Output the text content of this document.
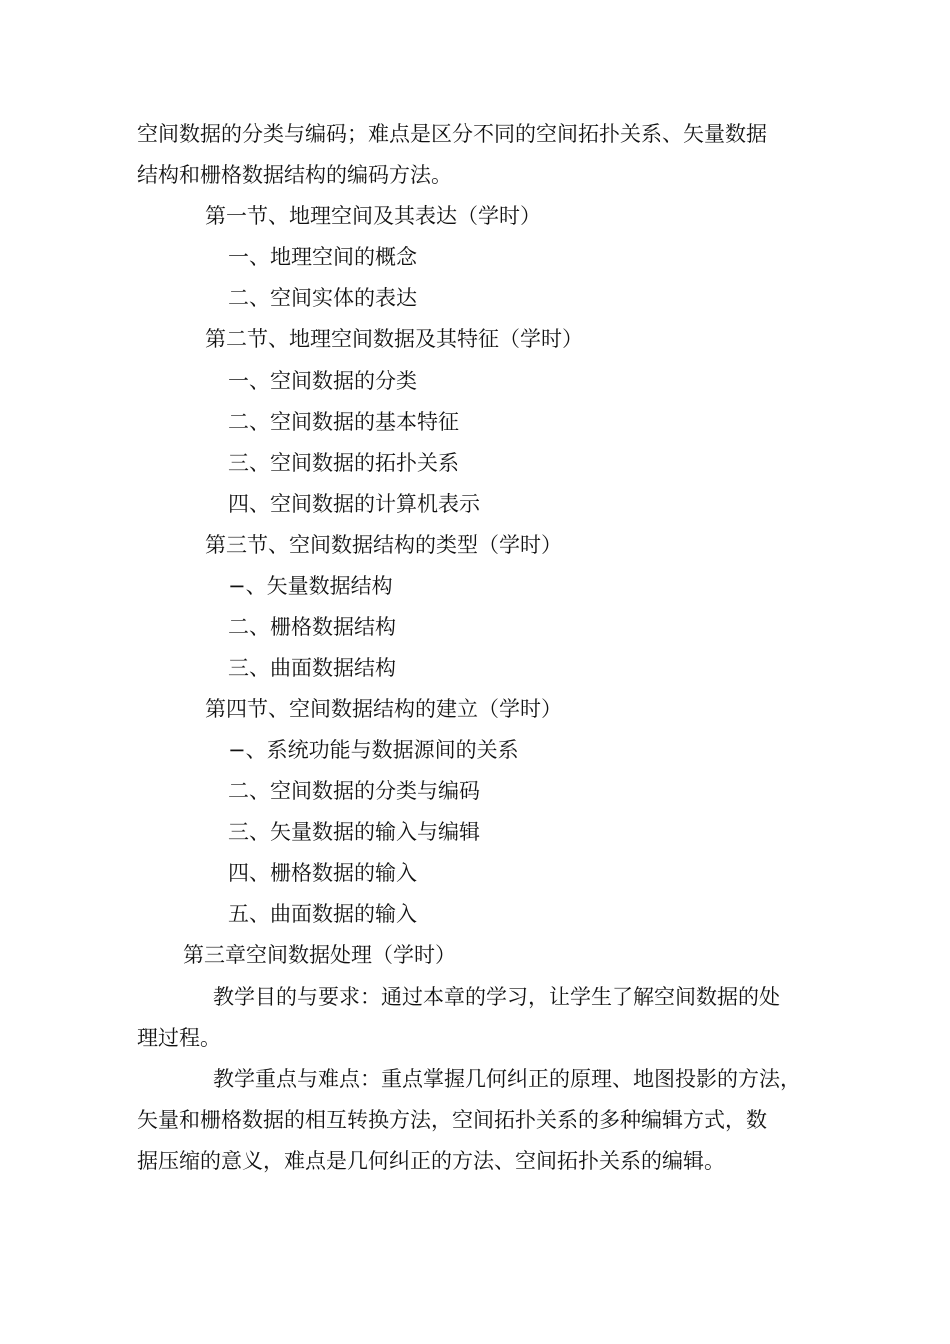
空间数据的分类与编码；难点是区分不同的空间拓扑关系、矢量数据
结构和栅格数据结构的编码方法。
第一节、地理空间及其表达（学时）
一、地理空间的概念
二、空间实体的表达
第二节、地理空间数据及其特征（学时）
一、空间数据的分类
二、空间数据的基本特征
三、空间数据的拓扑关系
四、空间数据的计算机表示
第三节、空间数据结构的类型（学时）
−、矢量数据结构
二、栅格数据结构
三、曲面数据结构
第四节、空间数据结构的建立（学时）
−、系统功能与数据源间的关系
二、空间数据的分类与编码
三、矢量数据的输入与编辑
四、栅格数据的输入
五、曲面数据的输入
第三章空间数据处理（学时）
教学目的与要求：通过本章的学习，让学生了解空间数据的处
理过程。
教学重点与难点：重点掌握几何纠正的原理、地图投影的方法，
矢量和栅格数据的相互转换方法，空间拓扑关系的多种编辑方式，数
据压缩的意义，难点是几何纠正的方法、空间拓扑关系的编辑。
